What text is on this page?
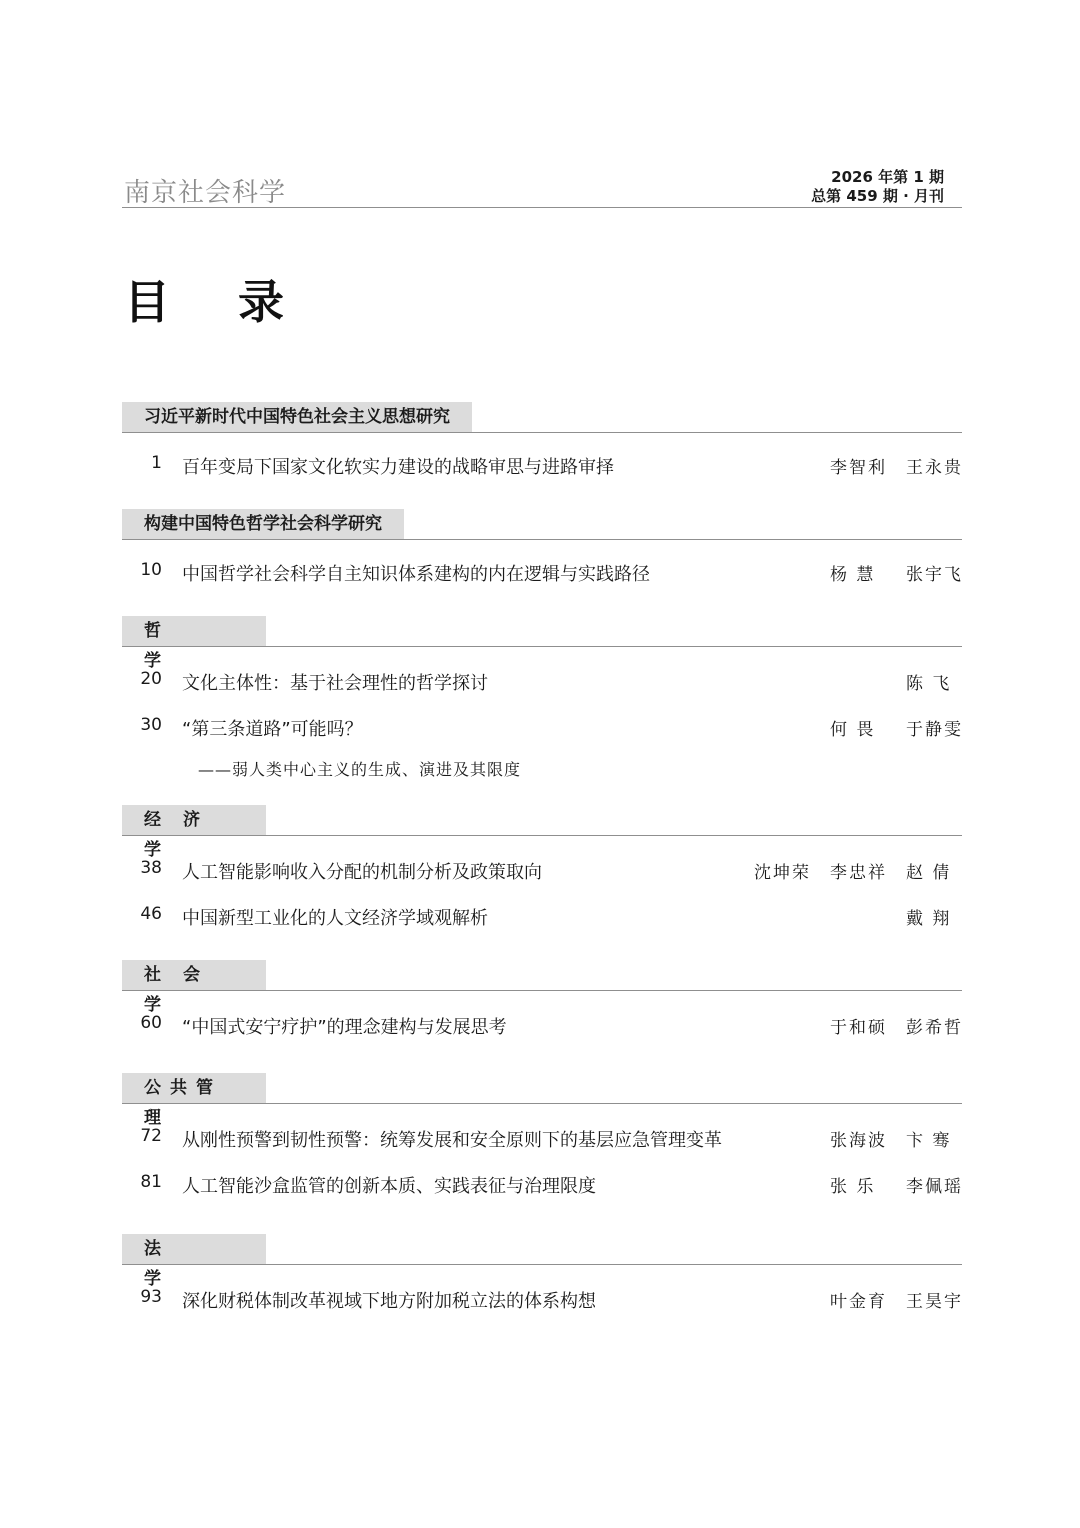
南京社会科学
2026 年第 1 期
总第 459 期 · 月刊
目 录
习近平新时代中国特色社会主义思想研究
1 百年变局下国家文化软实力建设的战略审思与进路审择	李智利 王永贵
构建中国特色哲学社会科学研究
10 中国哲学社会科学自主知识体系建构的内在逻辑与实践路径	杨 慧 张宇飞
哲学
20 文化主体性：基于社会理性的哲学探讨	陈 飞
30 “第三条道路”可能吗？	何 畏 于静雯
——弱人类中心主义的生成、演进及其限度
经济学
38 人工智能影响收入分配的机制分析及政策取向	沈坤荣 李忠祥 赵 倩
46 中国新型工业化的人文经济学域观解析	戴 翔
社会学
60 “中国式安宁疗护”的理念建构与发展思考	于和硕 彭希哲
公共管理
72 从刚性预警到韧性预警：统筹发展和安全原则下的基层应急管理变革	张海波 卞 骞
81 人工智能沙盒监管的创新本质、实践表征与治理限度	张 乐 李佩瑶
法学
93 深化财税体制改革视域下地方附加税立法的体系构想	叶金育 王昊宇
